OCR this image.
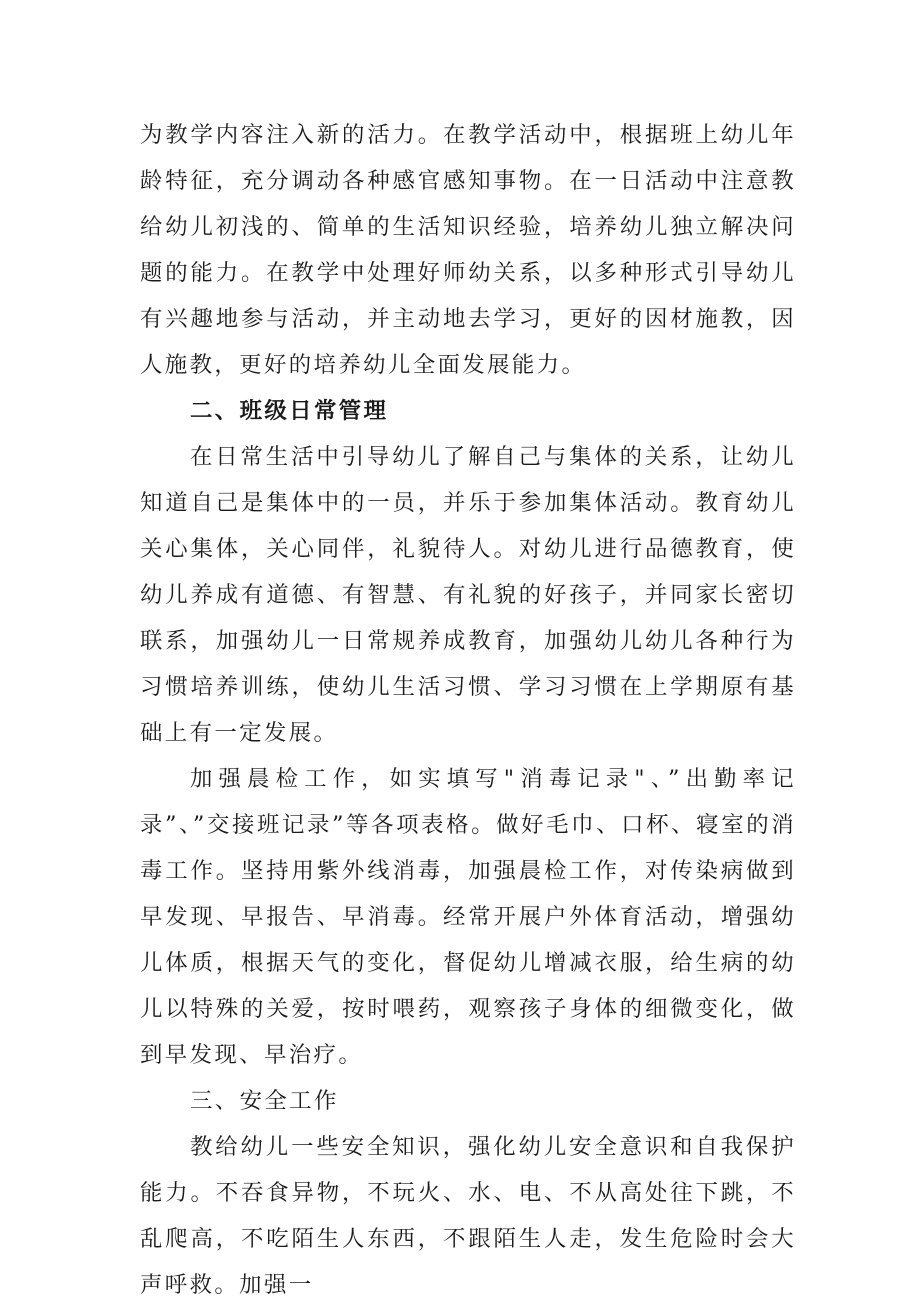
为教学内容注入新的活力。在教学活动中，根据班上幼儿年龄特征，充分调动各种感官感知事物。在一日活动中注意教给幼儿初浅的、简单的生活知识经验，培养幼儿独立解决问题的能力。在教学中处理好师幼关系，以多种形式引导幼儿有兴趣地参与活动，并主动地去学习，更好的因材施教，因人施教，更好的培养幼儿全面发展能力。

二、班级日常管理

在日常生活中引导幼儿了解自己与集体的关系，让幼儿知道自己是集体中的一员，并乐于参加集体活动。教育幼儿关心集体，关心同伴，礼貌待人。对幼儿进行品德教育，使幼儿养成有道德、有智慧、有礼貌的好孩子，并同家长密切联系，加强幼儿一日常规养成教育，加强幼儿幼儿各种行为习惯培养训练，使幼儿生活习惯、学习习惯在上学期原有基础上有一定发展。

加强晨检工作，如实填写"消毒记录"、”出勤率记录”、”交接班记录”等各项表格。做好毛巾、口杯、寝室的消毒工作。坚持用紫外线消毒，加强晨检工作，对传染病做到早发现、早报告、早消毒。经常开展户外体育活动，增强幼儿体质，根据天气的变化，督促幼儿增减衣服，给生病的幼儿以特殊的关爱，按时喂药，观察孩子身体的细微变化，做到早发现、早治疗。

三、安全工作

教给幼儿一些安全知识，强化幼儿安全意识和自我保护能力。不吞食异物，不玩火、水、电、不从高处往下跳，不乱爬高，不吃陌生人东西，不跟陌生人走，发生危险时会大声呼救。加强一
